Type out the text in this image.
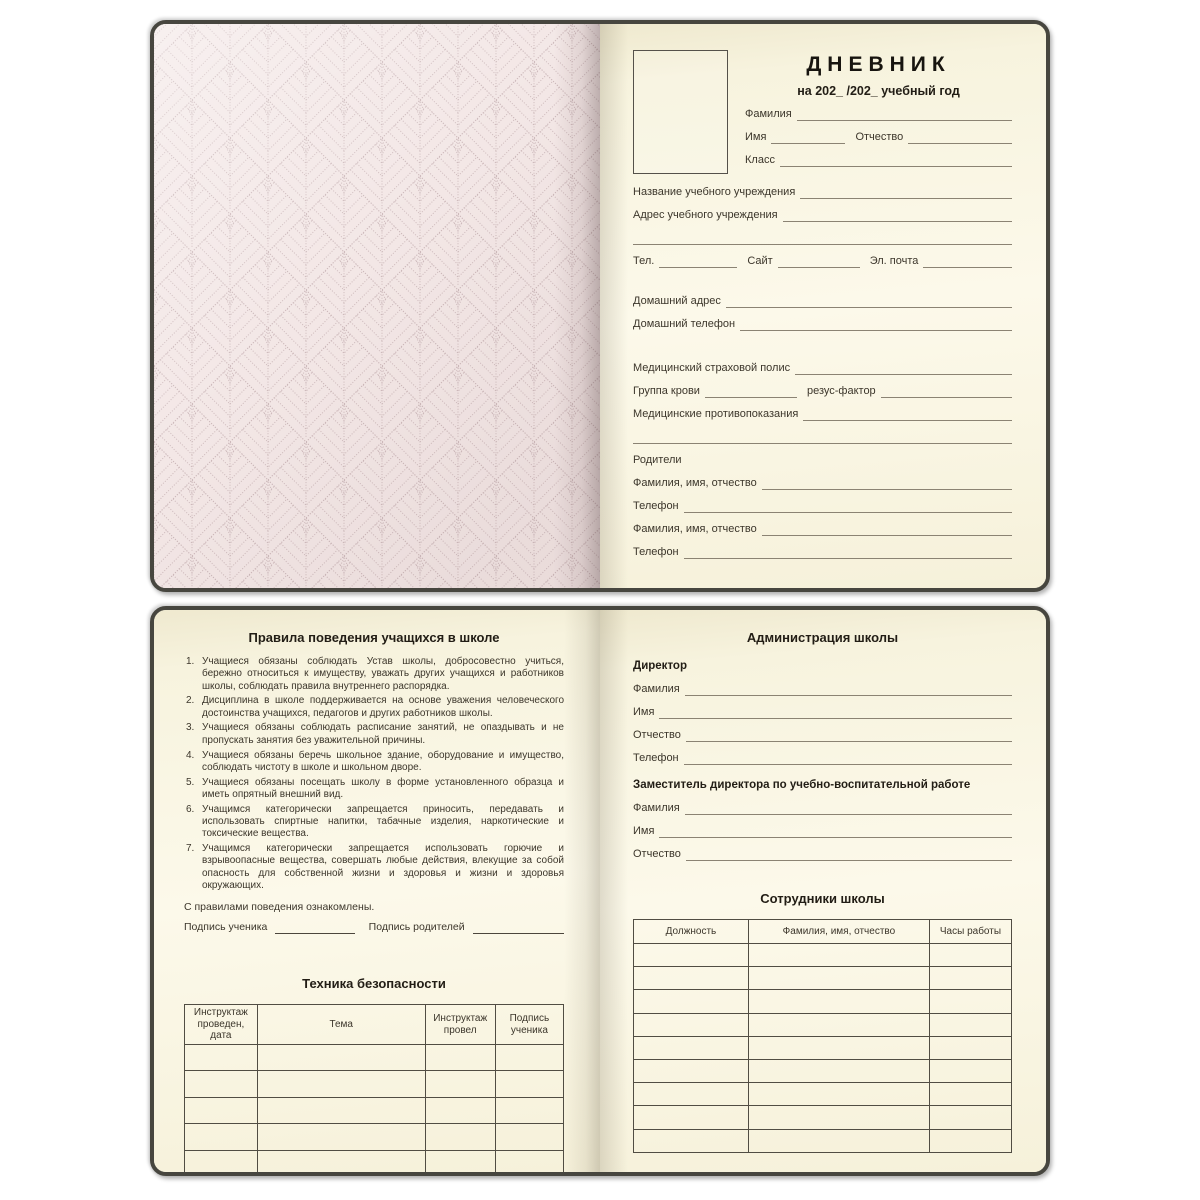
ДНЕВНИК
на 202_ /202_ учебный год
Фамилия
Имя	Отчество
Класс
Название учебного учреждения
Адрес учебного учреждения
Тел.	Сайт	Эл. почта
Домашний адрес
Домашний телефон
Медицинский страховой полис
Группа крови	резус-фактор
Медицинские противопоказания
Родители
Фамилия, имя, отчество
Телефон
Фамилия, имя, отчество
Телефон
Правила поведения учащихся в школе
1. Учащиеся обязаны соблюдать Устав школы, добросовестно учиться, бережно относиться к имуществу, уважать других учащихся и работников школы, соблюдать правила внутреннего распорядка.
2. Дисциплина в школе поддерживается на основе уважения человеческого достоинства учащихся, педагогов и других работников школы.
3. Учащиеся обязаны соблюдать расписание занятий, не опаздывать и не пропускать занятия без уважительной причины.
4. Учащиеся обязаны беречь школьное здание, оборудование и имущество, соблюдать чистоту в школе и школьном дворе.
5. Учащиеся обязаны посещать школу в форме установленного образца и иметь опрятный внешний вид.
6. Учащимся категорически запрещается приносить, передавать и использовать спиртные напитки, табачные изделия, наркотические и токсические вещества.
7. Учащимся категорически запрещается использовать горючие и взрывоопасные вещества, совершать любые действия, влекущие за собой опасность для собственной жизни и здоровья и жизни и здоровья окружающих.
С правилами поведения ознакомлены.
Подпись ученика	Подпись родителей
Техника безопасности
Инструктаж проведен, дата	Тема	Инструктаж провел	Подпись ученика

Администрация школы
Директор
Фамилия
Имя
Отчество
Телефон
Заместитель директора по учебно-воспитательной работе
Фамилия
Имя
Отчество
Сотрудники школы
Должность	Фамилия, имя, отчество	Часы работы
